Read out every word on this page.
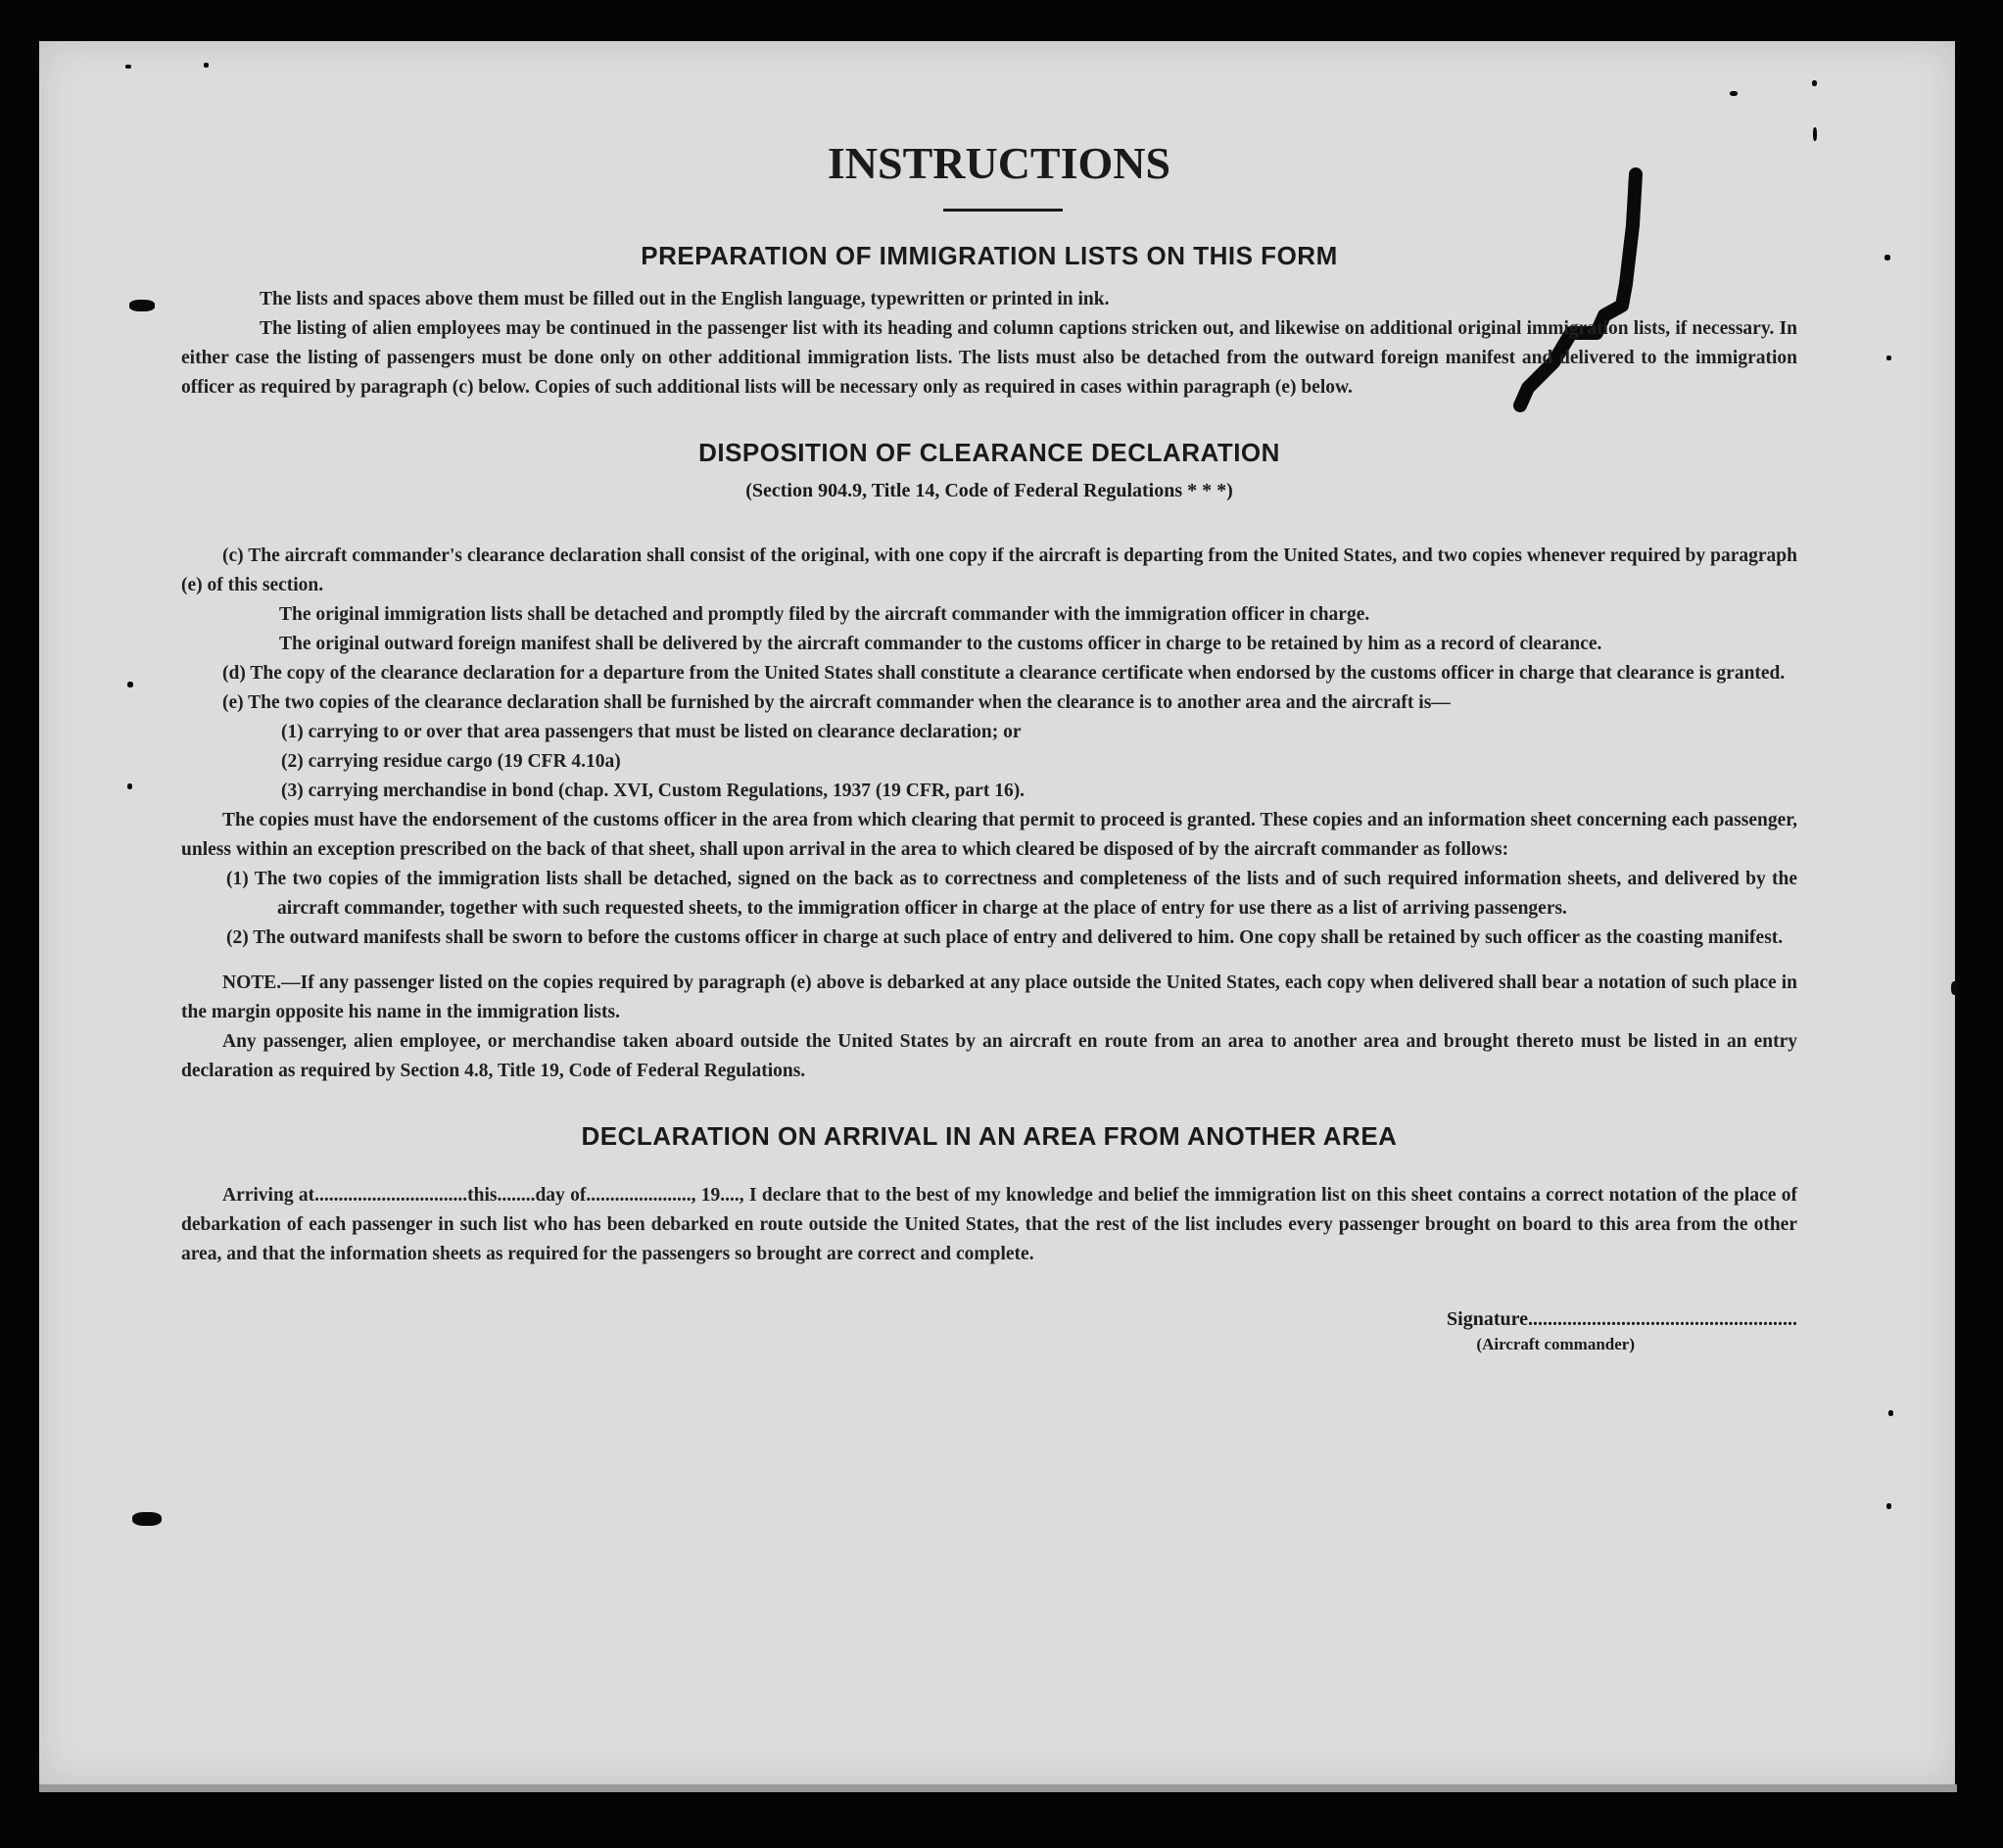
INSTRUCTIONS
PREPARATION OF IMMIGRATION LISTS ON THIS FORM

The lists and spaces above them must be filled out in the English language, typewritten or printed in ink.

The listing of alien employees may be continued in the passenger list with its heading and column captions stricken out, and likewise on additional original immigration lists, if necessary. In either case the listing of passengers must be done only on other additional immigration lists. The lists must also be detached from the outward foreign manifest and delivered to the immigration officer as required by paragraph (c) below. Copies of such additional lists will be necessary only as required in cases within paragraph (e) below.

DISPOSITION OF CLEARANCE DECLARATION
(Section 904.9, Title 14, Code of Federal Regulations * * *)

(c) The aircraft commander's clearance declaration shall consist of the original, with one copy if the aircraft is departing from the United States, and two copies whenever required by paragraph (e) of this section.

The original immigration lists shall be detached and promptly filed by the aircraft commander with the immigration officer in charge.

The original outward foreign manifest shall be delivered by the aircraft commander to the customs officer in charge to be retained by him as a record of clearance.

(d) The copy of the clearance declaration for a departure from the United States shall constitute a clearance certificate when endorsed by the customs officer in charge that clearance is granted.

(e) The two copies of the clearance declaration shall be furnished by the aircraft commander when the clearance is to another area and the aircraft is—

(1) carrying to or over that area passengers that must be listed on clearance declaration; or

(2) carrying residue cargo (19 CFR 4.10a)

(3) carrying merchandise in bond (chap. XVI, Custom Regulations, 1937 (19 CFR, part 16).

The copies must have the endorsement of the customs officer in the area from which clearing that permit to proceed is granted. These copies and an information sheet concerning each passenger, unless within an exception prescribed on the back of that sheet, shall upon arrival in the area to which cleared be disposed of by the aircraft commander as follows:

(1) The two copies of the immigration lists shall be detached, signed on the back as to correctness and completeness of the lists and of such required information sheets, and delivered by the aircraft commander, together with such requested sheets, to the immigration officer in charge at the place of entry for use there as a list of arriving passengers.

(2) The outward manifests shall be sworn to before the customs officer in charge at such place of entry and delivered to him. One copy shall be retained by such officer as the coasting manifest.

NOTE.—If any passenger listed on the copies required by paragraph (e) above is debarked at any place outside the United States, each copy when delivered shall bear a notation of such place in the margin opposite his name in the immigration lists.

Any passenger, alien employee, or merchandise taken aboard outside the United States by an aircraft en route from an area to another area and brought thereto must be listed in an entry declaration as required by Section 4.8, Title 19, Code of Federal Regulations.

DECLARATION ON ARRIVAL IN AN AREA FROM ANOTHER AREA

Arriving at................................this........day of......................, 19...., I declare that to the best of my knowledge and belief the immigration list on this sheet contains a correct notation of the place of debarkation of each passenger in such list who has been debarked en route outside the United States, that the rest of the list includes every passenger brought on board to this area from the other area, and that the information sheets as required for the passengers so brought are correct and complete.

Signature.......................................................
(Aircraft commander)
